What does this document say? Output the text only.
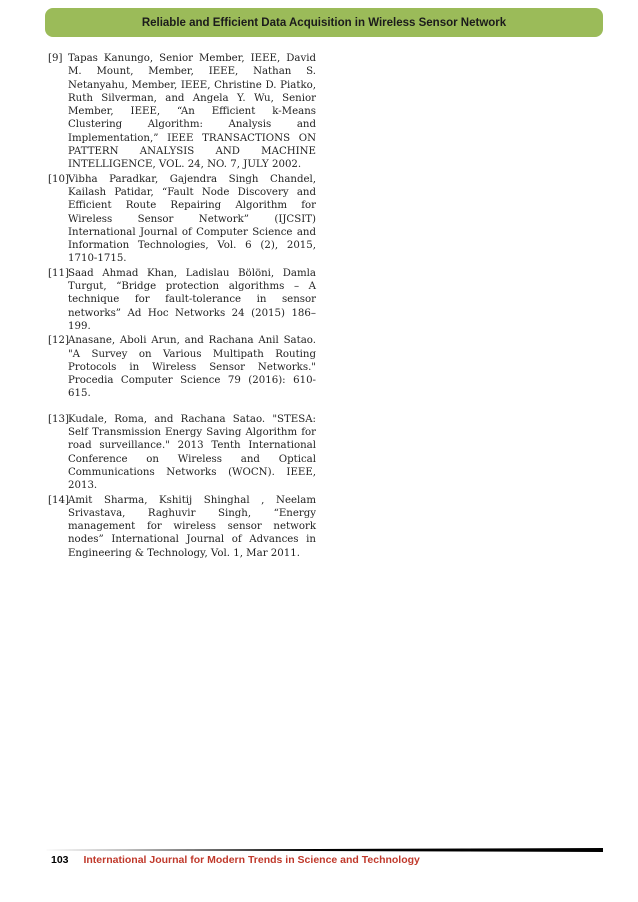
Reliable and Efficient Data Acquisition in Wireless Sensor Network
[9] Tapas Kanungo, Senior Member, IEEE, David M. Mount, Member, IEEE, Nathan S. Netanyahu, Member, IEEE, Christine D. Piatko, Ruth Silverman, and Angela Y. Wu, Senior Member, IEEE, “An Efficient k-Means Clustering Algorithm: Analysis and Implementation,” IEEE TRANSACTIONS ON PATTERN ANALYSIS AND MACHINE INTELLIGENCE, VOL. 24, NO. 7, JULY 2002.
[10] Vibha Paradkar, Gajendra Singh Chandel, Kailash Patidar, “Fault Node Discovery and Efficient Route Repairing Algorithm for Wireless Sensor Network” (IJCSIT) International Journal of Computer Science and Information Technologies, Vol. 6 (2), 2015, 1710-1715.
[11] Saad Ahmad Khan, Ladislau Bölöni, Damla Turgut, “Bridge protection algorithms – A technique for fault-tolerance in sensor networks” Ad Hoc Networks 24 (2015) 186–199.
[12] Anasane, Aboli Arun, and Rachana Anil Satao. "A Survey on Various Multipath Routing Protocols in Wireless Sensor Networks." Procedia Computer Science 79 (2016): 610-615.
[13] Kudale, Roma, and Rachana Satao. "STESA: Self Transmission Energy Saving Algorithm for road surveillance." 2013 Tenth International Conference on Wireless and Optical Communications Networks (WOCN). IEEE, 2013.
[14] Amit Sharma, Kshitij Shinghal , Neelam Srivastava, Raghuvir Singh, “Energy management for wireless sensor network nodes” International Journal of Advances in Engineering & Technology, Vol. 1, Mar 2011.
103 International Journal for Modern Trends in Science and Technology
